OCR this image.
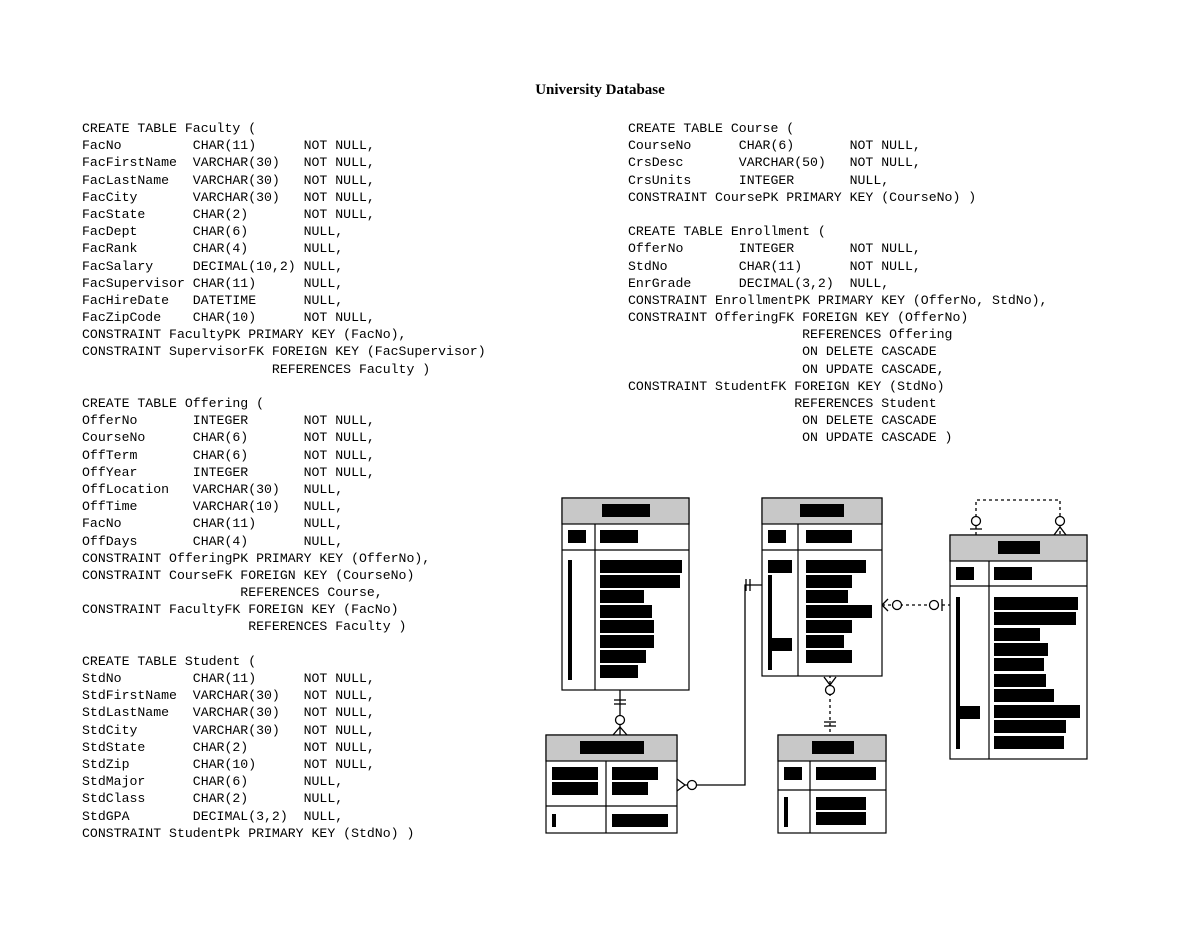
University Database
CREATE TABLE Faculty (
FacNo         CHAR(11)      NOT NULL,
FacFirstName  VARCHAR(30)   NOT NULL,
FacLastName   VARCHAR(30)   NOT NULL,
FacCity       VARCHAR(30)   NOT NULL,
FacState      CHAR(2)       NOT NULL,
FacDept       CHAR(6)       NULL,
FacRank       CHAR(4)       NULL,
FacSalary     DECIMAL(10,2) NULL,
FacSupervisor CHAR(11)      NULL,
FacHireDate   DATETIME      NULL,
FacZipCode    CHAR(10)      NOT NULL,
CONSTRAINT FacultyPK PRIMARY KEY (FacNo),
CONSTRAINT SupervisorFK FOREIGN KEY (FacSupervisor)
REFERENCES Faculty )
CREATE TABLE Offering (
OfferNo       INTEGER       NOT NULL,
CourseNo      CHAR(6)       NOT NULL,
OffTerm       CHAR(6)       NOT NULL,
OffYear       INTEGER       NOT NULL,
OffLocation   VARCHAR(30)   NULL,
OffTime       VARCHAR(10)   NULL,
FacNo         CHAR(11)      NULL,
OffDays       CHAR(4)       NULL,
CONSTRAINT OfferingPK PRIMARY KEY (OfferNo),
CONSTRAINT CourseFK FOREIGN KEY (CourseNo)
REFERENCES Course,
CONSTRAINT FacultyFK FOREIGN KEY (FacNo)
REFERENCES Faculty )
CREATE TABLE Student (
StdNo         CHAR(11)      NOT NULL,
StdFirstName  VARCHAR(30)   NOT NULL,
StdLastName   VARCHAR(30)   NOT NULL,
StdCity       VARCHAR(30)   NOT NULL,
StdState      CHAR(2)       NOT NULL,
StdZip        CHAR(10)      NOT NULL,
StdMajor      CHAR(6)       NULL,
StdClass      CHAR(2)       NULL,
StdGPA        DECIMAL(3,2)  NULL,
CONSTRAINT StudentPk PRIMARY KEY (StdNo) )
CREATE TABLE Course (
CourseNo      CHAR(6)       NOT NULL,
CrsDesc       VARCHAR(50)   NOT NULL,
CrsUnits      INTEGER       NULL,
CONSTRAINT CoursePK PRIMARY KEY (CourseNo) )
CREATE TABLE Enrollment (
OfferNo       INTEGER       NOT NULL,
StdNo         CHAR(11)      NOT NULL,
EnrGrade      DECIMAL(3,2)  NULL,
CONSTRAINT EnrollmentPK PRIMARY KEY (OfferNo, StdNo),
CONSTRAINT OfferingFK FOREIGN KEY (OfferNo)
REFERENCES Offering
ON DELETE CASCADE
ON UPDATE CASCADE,
CONSTRAINT StudentFK FOREIGN KEY (StdNo)
REFERENCES Student
ON DELETE CASCADE
ON UPDATE CASCADE )
